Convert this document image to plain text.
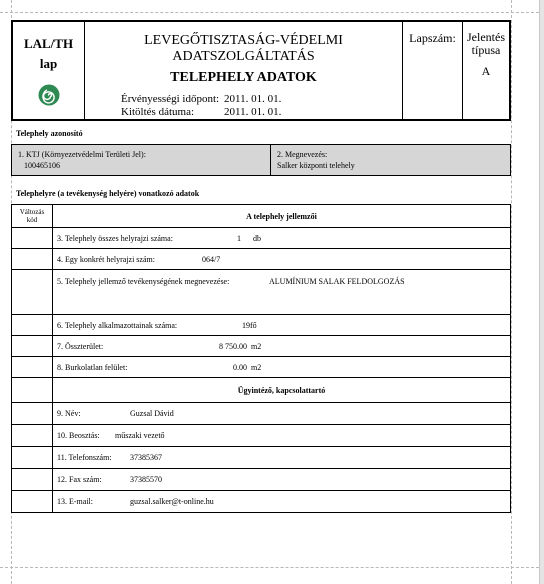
LAL/TH
lap
LEVEGŐTISZTASÁG-VÉDELMI
ADATSZOLGÁLTATÁS
TELEPHELY ADATOK
Érvényességi időpont: 2011. 01. 01.
Kitöltés dátuma:	2011. 01. 01.
Lapszám: Jelentés
típusa
A
Telephely azonosító
1. KTJ (Környezetvédelmi Területi Jel):
100465106
2. Megnevezés:
Salker központi telehely
Telephelyre (a tevékenység helyére) vonatkozó adatok
Változás
kód	A telephely jellemzői
	3. Telephely összes helyrajzi száma: 1 db
	4. Egy konkrét helyrajzi szám: 064/7
	5. Telephely jellemző tevékenységének megnevezése: ALUMÍNIUM SALAK FELDOLGOZÁS
	6. Telephely alkalmazottainak száma: 19fő
	7. Összterület: 8 750.00 m2
	8. Burkolatlan felület: 0.00 m2
	Ügyintéző, kapcsolattartó
	9. Név: Guzsal Dávid
	10. Beosztás: műszaki vezető
	11. Telefonszám: 37385367
	12. Fax szám: 37385570
	13. E-mail: guzsal.salker@t-online.hu
